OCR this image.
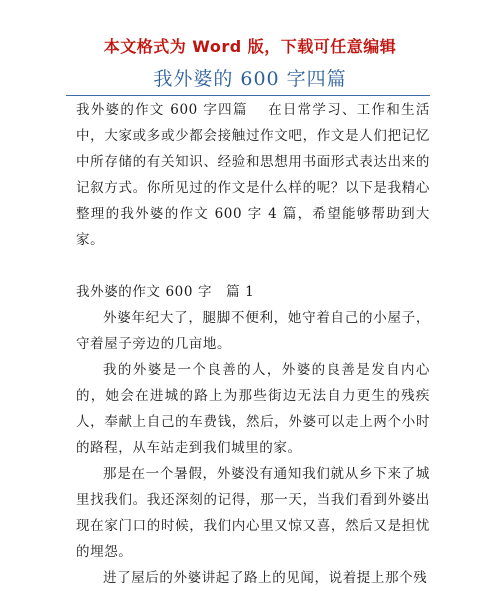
本文格式为 Word 版，下载可任意编辑
我外婆的 600 字四篇

我外婆的作文 600 字四篇　 在日常学习、工作和生活中，大家或多或少都会接触过作文吧，作文是人们把记忆中所存储的有关知识、经验和思想用书面形式表达出来的记叙方式。你所见过的作文是什么样的呢？以下是我精心整理的我外婆的作文 600 字 4 篇，希望能够帮助到大家。

我外婆的作文 600 字　篇 1

外婆年纪大了，腿脚不便利，她守着自己的小屋子，守着屋子旁边的几亩地。

我的外婆是一个良善的人，外婆的良善是发自内心的，她会在进城的路上为那些街边无法自力更生的残疾人，奉献上自己的车费钱，然后，外婆可以走上两个小时的路程，从车站走到我们城里的家。

那是在一个暑假，外婆没有通知我们就从乡下来了城里找我们。我还深刻的记得，那一天，当我们看到外婆出现在家门口的时候，我们内心里又惊又喜，然后又是担忧的埋怨。

进了屋后的外婆讲起了路上的见闻，说着提上那个残
